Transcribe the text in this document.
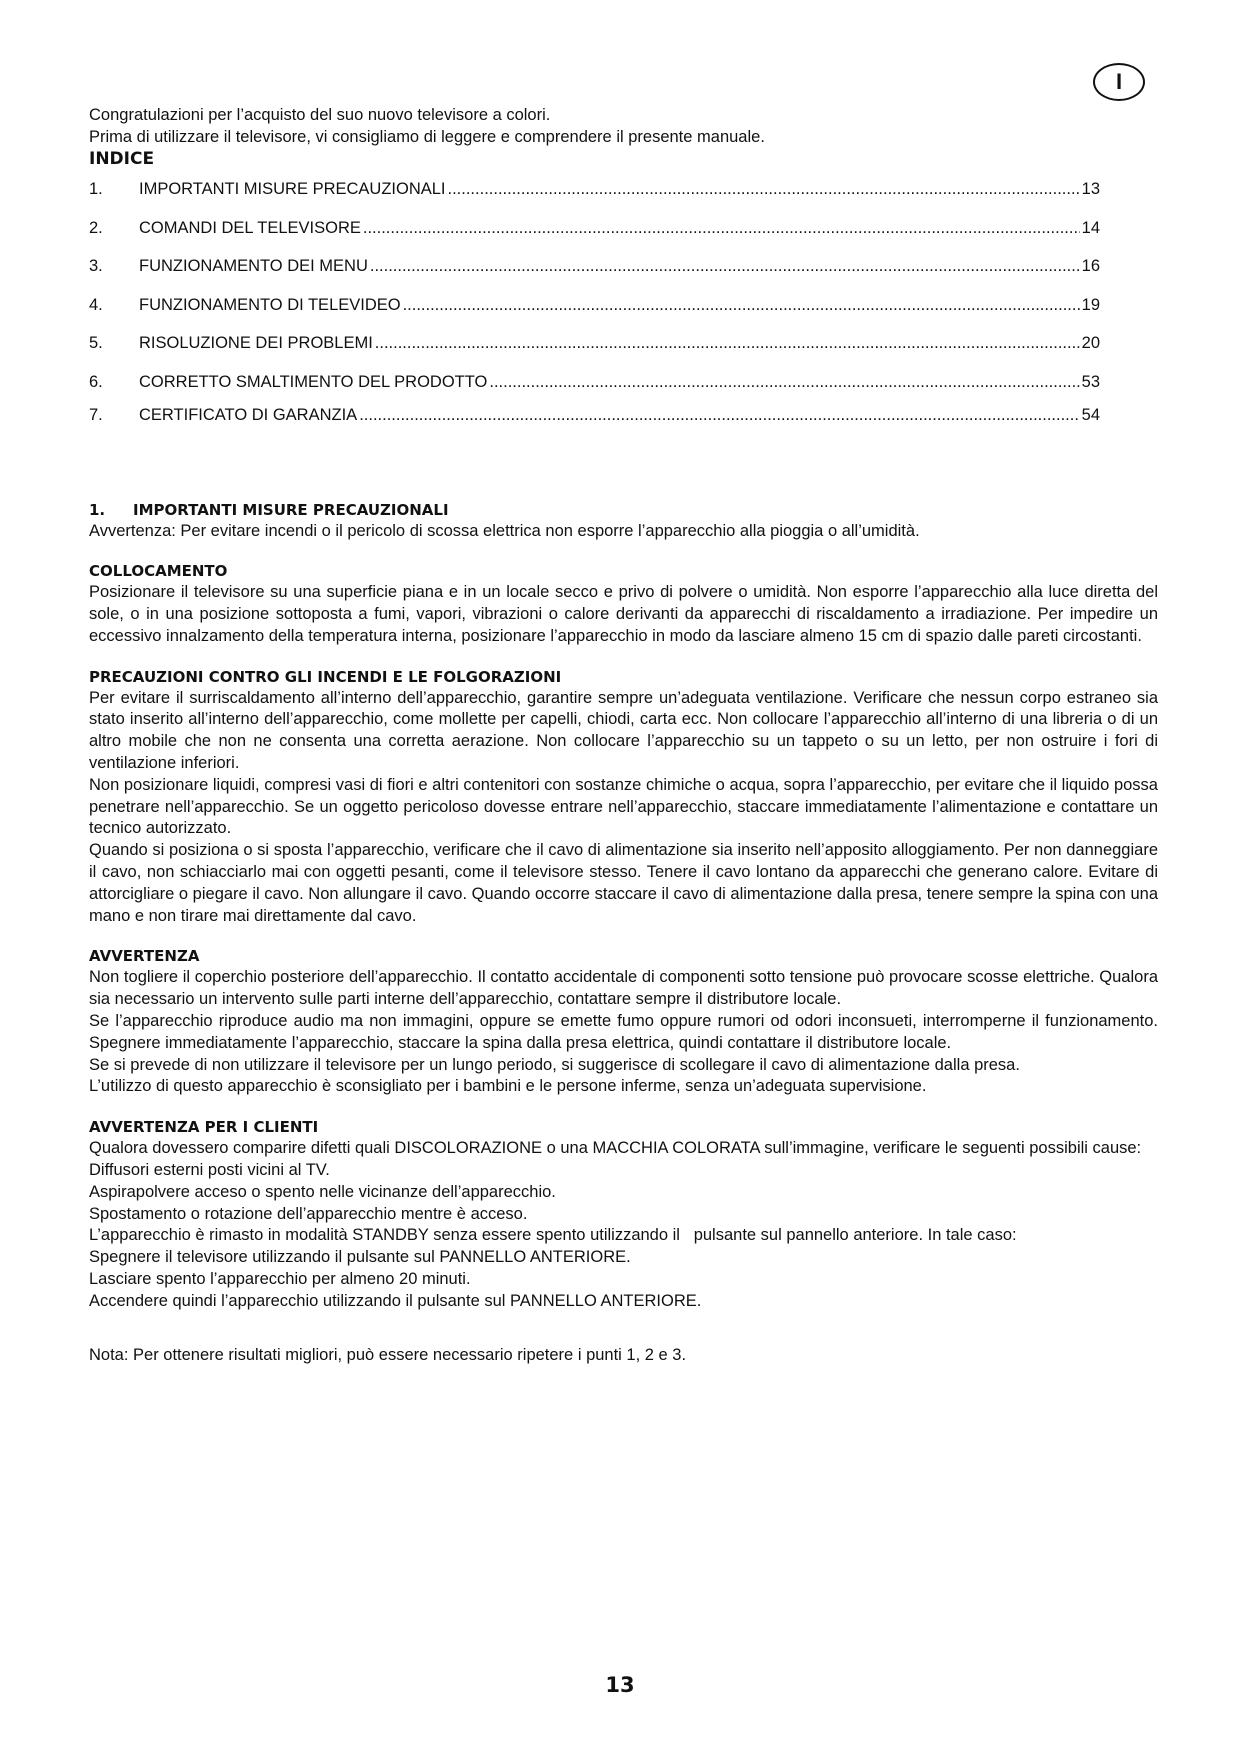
I
Congratulazioni per l’acquisto del suo nuovo televisore a colori.
Prima di utilizzare il televisore, vi consigliamo di leggere e comprendere il presente manuale.
INDICE
1.	IMPORTANTI MISURE PRECAUZIONALI .....	13
2.	COMANDI DEL TELEVISORE .....	14
3.	FUNZIONAMENTO DEI MENU .....	16
4.	FUNZIONAMENTO DI TELEVIDEO .....	19
5.	RISOLUZIONE DEI PROBLEMI .....	20
6.	CORRETTO SMALTIMENTO DEL PRODOTTO .....	53
7.	CERTIFICATO DI GARANZIA .....	54
1.	IMPORTANTI MISURE PRECAUZIONALI

Avvertenza: Per evitare incendi o il pericolo di scossa elettrica non esporre l’apparecchio alla pioggia o all’umidità.

COLLOCAMENTO

Posizionare il televisore su una superficie piana e in un locale secco e privo di polvere o umidità. Non esporre l’apparecchio alla luce diretta del sole, o in una posizione sottoposta a fumi, vapori, vibrazioni o calore derivanti da apparecchi di riscaldamento a irradiazione. Per impedire un eccessivo innalzamento della temperatura interna, posizionare l’apparecchio in modo da lasciare almeno 15 cm di spazio dalle pareti circostanti.

PRECAUZIONI CONTRO GLI INCENDI E LE FOLGORAZIONI

Per evitare il surriscaldamento all’interno dell’apparecchio, garantire sempre un’adeguata ventilazione. Verificare che nessun corpo estraneo sia stato inserito all’interno dell’apparecchio, come mollette per capelli, chiodi, carta ecc. Non collocare l’apparecchio all’interno di una libreria o di un altro mobile che non ne consenta una corretta aerazione. Non collocare l’apparecchio su un tappeto o su un letto, per non ostruire i fori di ventilazione inferiori.

Non posizionare liquidi, compresi vasi di fiori e altri contenitori con sostanze chimiche o acqua, sopra l’apparecchio, per evitare che il liquido possa penetrare nell’apparecchio. Se un oggetto pericoloso dovesse entrare nell’apparecchio, staccare immediatamente l’alimentazione e contattare un tecnico autorizzato.

Quando si posiziona o si sposta l’apparecchio, verificare che il cavo di alimentazione sia inserito nell’apposito alloggiamento. Per non danneggiare il cavo, non schiacciarlo mai con oggetti pesanti, come il televisore stesso. Tenere il cavo lontano da apparecchi che generano calore. Evitare di attorcigliare o piegare il cavo. Non allungare il cavo. Quando occorre staccare il cavo di alimentazione dalla presa, tenere sempre la spina con una mano e non tirare mai direttamente dal cavo.

AVVERTENZA

Non togliere il coperchio posteriore dell’apparecchio. Il contatto accidentale di componenti sotto tensione può provocare scosse elettriche. Qualora sia necessario un intervento sulle parti interne dell’apparecchio, contattare sempre il distributore locale.

Se l’apparecchio riproduce audio ma non immagini, oppure se emette fumo oppure rumori od odori inconsueti, interromperne il funzionamento. Spegnere immediatamente l’apparecchio, staccare la spina dalla presa elettrica, quindi contattare il distributore locale.

Se si prevede di non utilizzare il televisore per un lungo periodo, si suggerisce di scollegare il cavo di alimentazione dalla presa.

L’utilizzo di questo apparecchio è sconsigliato per i bambini e le persone inferme, senza un’adeguata supervisione.

AVVERTENZA PER I CLIENTI

Qualora dovessero comparire difetti quali DISCOLORAZIONE o una MACCHIA COLORATA sull’immagine, verificare le seguenti possibili cause:

Diffusori esterni posti vicini al TV.

Aspirapolvere acceso o spento nelle vicinanze dell’apparecchio.

Spostamento o rotazione dell’apparecchio mentre è acceso.

L’apparecchio è rimasto in modalità STANDBY senza essere spento utilizzando il   pulsante sul pannello anteriore. In tale caso:

Spegnere il televisore utilizzando il pulsante sul PANNELLO ANTERIORE.

Lasciare spento l’apparecchio per almeno 20 minuti.

Accendere quindi l’apparecchio utilizzando il pulsante sul PANNELLO ANTERIORE.

Nota: Per ottenere risultati migliori, può essere necessario ripetere i punti 1, 2 e 3.

13
